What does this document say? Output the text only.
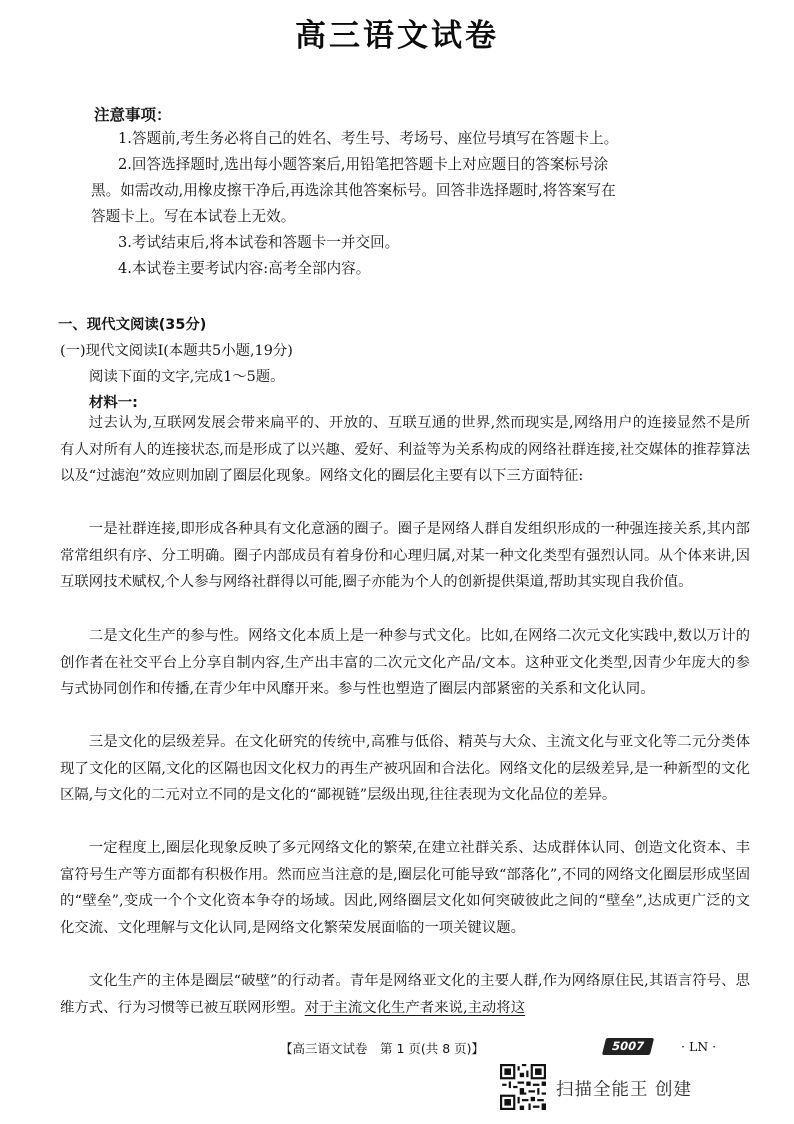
高三语文试卷
注意事项：
1.答题前,考生务必将自己的姓名、考生号、考场号、座位号填写在答题卡上。
2.回答选择题时,选出每小题答案后,用铅笔把答题卡上对应题目的答案标号涂
黑。如需改动,用橡皮擦干净后,再选涂其他答案标号。回答非选择题时,将答案写在
答题卡上。写在本试卷上无效。
3.考试结束后,将本试卷和答题卡一并交回。
4.本试卷主要考试内容:高考全部内容。
一、现代文阅读(35分)
(一)现代文阅读Ⅰ(本题共5小题,19分)
阅读下面的文字,完成1～5题。
材料一:

过去认为,互联网发展会带来扁平的、开放的、互联互通的世界,然而现实是,网络用户的连接显然不是所有人对所有人的连接状态,而是形成了以兴趣、爱好、利益等为关系构成的网络社群连接,社交媒体的推荐算法以及“过滤泡”效应则加剧了圈层化现象。网络文化的圈层化主要有以下三方面特征:

一是社群连接,即形成各种具有文化意涵的圈子。圈子是网络人群自发组织形成的一种强连接关系,其内部常常组织有序、分工明确。圈子内部成员有着身份和心理归属,对某一种文化类型有强烈认同。从个体来讲,因互联网技术赋权,个人参与网络社群得以可能,圈子亦能为个人的创新提供渠道,帮助其实现自我价值。

二是文化生产的参与性。网络文化本质上是一种参与式文化。比如,在网络二次元文化实践中,数以万计的创作者在社交平台上分享自制内容,生产出丰富的二次元文化产品/文本。这种亚文化类型,因青少年庞大的参与式协同创作和传播,在青少年中风靡开来。参与性也塑造了圈层内部紧密的关系和文化认同。

三是文化的层级差异。在文化研究的传统中,高雅与低俗、精英与大众、主流文化与亚文化等二元分类体现了文化的区隔,文化的区隔也因文化权力的再生产被巩固和合法化。网络文化的层级差异,是一种新型的文化区隔,与文化的二元对立不同的是文化的“鄙视链”层级出现,往往表现为文化品位的差异。

一定程度上,圈层化现象反映了多元网络文化的繁荣,在建立社群关系、达成群体认同、创造文化资本、丰富符号生产等方面都有积极作用。然而应当注意的是,圈层化可能导致“部落化”,不同的网络文化圈层形成坚固的“壁垒”,变成一个个文化资本争夺的场域。因此,网络圈层文化如何突破彼此之间的“壁垒”,达成更广泛的文化交流、文化理解与文化认同,是网络文化繁荣发展面临的一项关键议题。

文化生产的主体是圈层“破壁”的行动者。青年是网络亚文化的主要人群,作为网络原住民,其语言符号、思维方式、行为习惯等已被互联网形塑。对于主流文化生产者来说,主动将这

【高三语文试卷　第 1 页(共 8 页)】	5007	· LN ·
扫描全能王 创建
